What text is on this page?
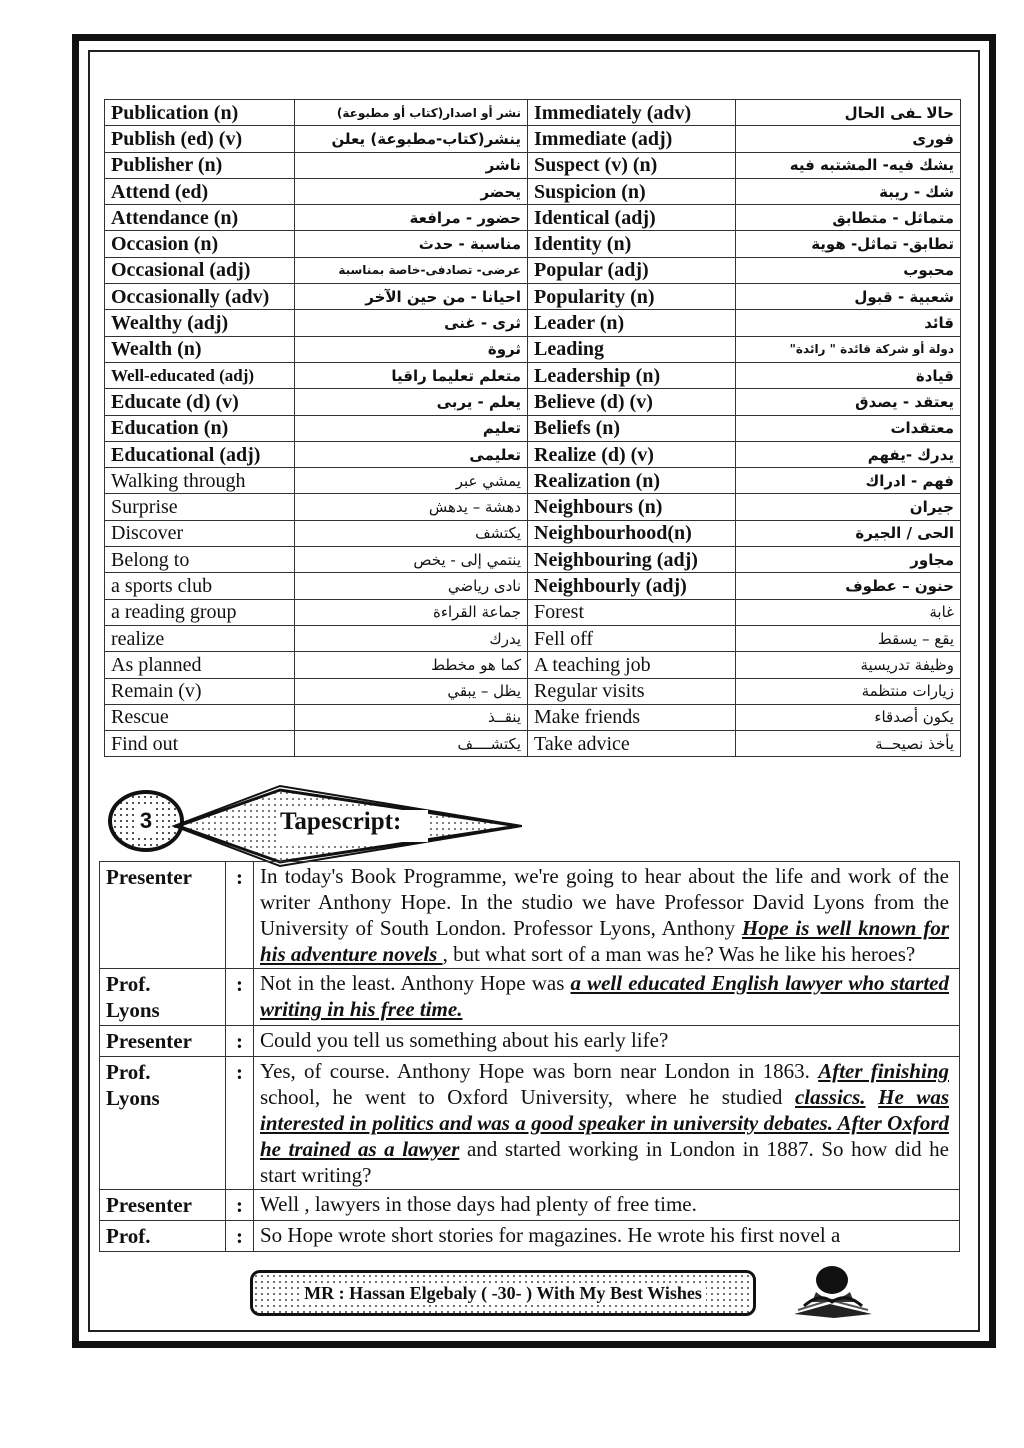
Publication (n)	نشر أو اصدار(كتاب أو مطبوعة)	Immediately (adv)	حالا ـفى الحال
Publish (ed) (v)	ينشر(كتاب-مطبوعة) يعلن	Immediate (adj)	فورى
Publisher (n)	ناشر	Suspect (v) (n)	يشك فيه- المشتبه فيه
Attend (ed)	يحضر	Suspicion (n)	شك - ريبة
Attendance (n)	حضور - مرافعة	Identical (adj)	متماثل - متطابق
Occasion (n)	مناسبة - حدث	Identity (n)	تطابق- تماثل- هوية
Occasional (adj)	عرضى- تصادفى-خاصة بمناسبة	Popular (adj)	محبوب
Occasionally (adv)	احيانا - من حين الآخر	Popularity (n)	شعبية - قبول
Wealthy (adj)	ثرى - غنى	Leader (n)	قائد
Wealth (n)	ثروة	Leading	دولة أو شركة قائدة " رائدة"
Well-educated (adj)	متعلم تعليما راقيا	Leadership (n)	قيادة
Educate (d) (v)	يعلم - يربى	Believe (d) (v)	يعتقد - يصدق
Education (n)	تعليم	Beliefs (n)	معتقدات
Educational (adj)	تعليمى	Realize (d) (v)	يدرك -يفهم
Walking through	يمشي عبر	Realization (n)	فهم - ادراك
Surprise	دهشة – يدهش	Neighbours (n)	جيران
Discover	يكتشف	Neighbourhood(n)	الحى / الجيرة
Belong to	ينتمي إلى - يخص	Neighbouring (adj)	مجاور
a sports club	نادى رياضي	Neighbourly (adj)	حنون – عطوف
a reading group	جماعة القراءة	Forest	غابة
realize	يدرك	Fell off	يقع – يسقط
As planned	كما هو مخطط	A teaching job	وظيفة تدريسية
Remain (v)	يظل – يبقي	Regular visits	زيارات منتظمة
Rescue	ينقــذ	Make friends	يكون أصدقاء
Find out	يكتشــــف	Take advice	يأخذ نصيحــة
3	Tapescript:
Presenter	:	In today's Book Programme, we're going to hear about the life and work of the writer Anthony Hope. In the studio we have Professor David Lyons from the University of South London. Professor Lyons, Anthony Hope is well known for his adventure novels , but what sort of a man was he? Was he like his heroes?
Prof.
Lyons	:	Not in the least. Anthony Hope was a well educated English lawyer who started writing in his free time.
Presenter	:	Could you tell us something about his early life?
Prof.
Lyons	:	Yes, of course. Anthony Hope was born near London in 1863. After finishing school, he went to Oxford University, where he studied classics. He was interested in politics and was a good speaker in university debates. After Oxford he trained as a lawyer and started working in London in 1887. So how did he start writing?
Presenter	:	Well , lawyers in those days had plenty of free time.
Prof.	:	So Hope wrote short stories for magazines. He wrote his first novel a
MR : Hassan Elgebaly ( -30- ) With My Best Wishes
